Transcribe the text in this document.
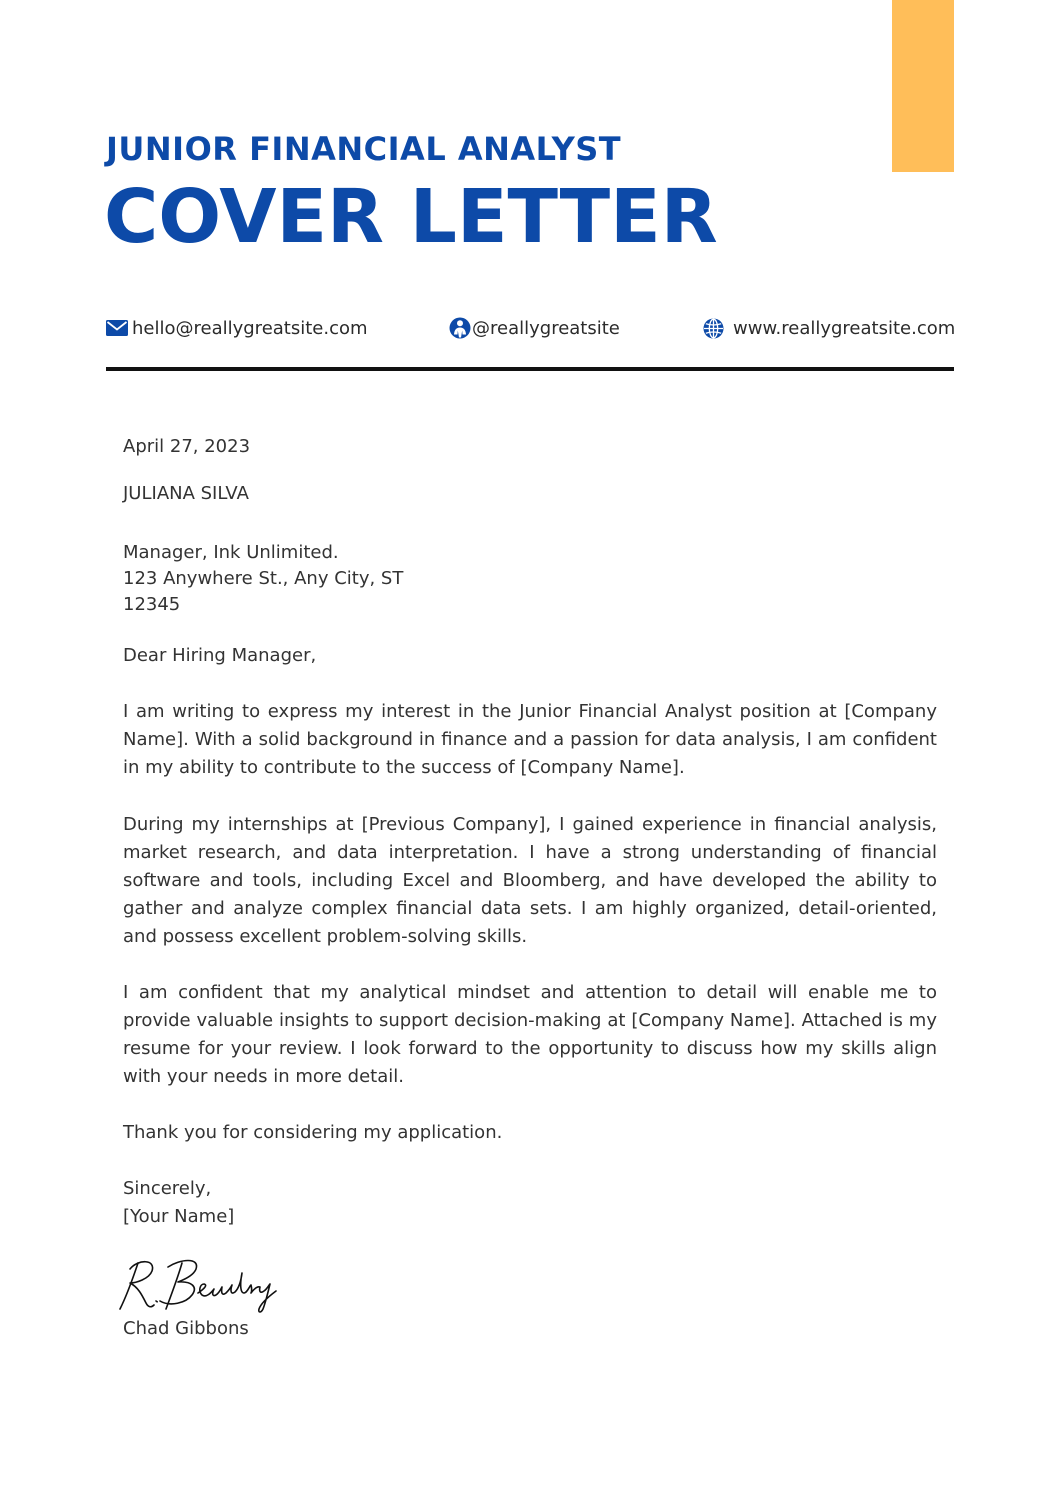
JUNIOR FINANCIAL ANALYST
COVER LETTER
hello@reallygreatsite.com	@reallygreatsite	www.reallygreatsite.com
April 27, 2023
JULIANA SILVA
Manager, Ink Unlimited.
123 Anywhere St., Any City, ST
12345
Dear Hiring Manager,
I am writing to express my interest in the Junior Financial Analyst position at [Company Name]. With a solid background in finance and a passion for data analysis, I am confident in my ability to contribute to the success of [Company Name].
During my internships at [Previous Company], I gained experience in financial analysis, market research, and data interpretation. I have a strong understanding of financial software and tools, including Excel and Bloomberg, and have developed the ability to gather and analyze complex financial data sets. I am highly organized, detail-oriented, and possess excellent problem-solving skills.
I am confident that my analytical mindset and attention to detail will enable me to provide valuable insights to support decision-making at [Company Name]. Attached is my resume for your review. I look forward to the opportunity to discuss how my skills align with your needs in more detail.
Thank you for considering my application.
Sincerely,
[Your Name]
Chad Gibbons
